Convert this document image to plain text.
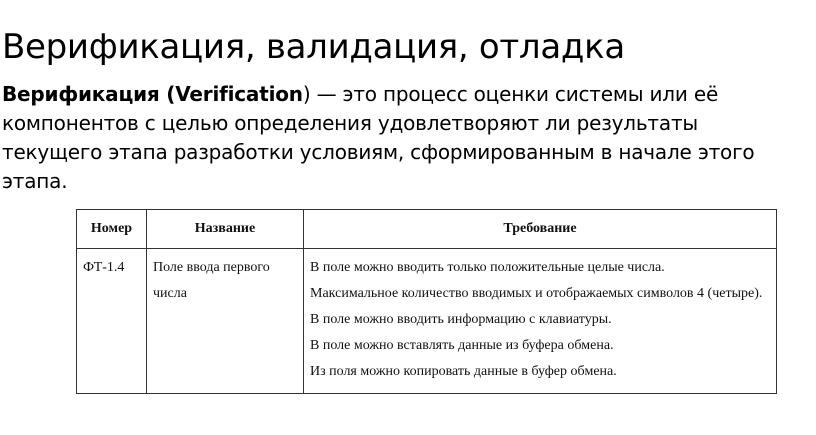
Верификация, валидация, отладка

Верификация (Verification) — это процесс оценки системы или её компонентов с целью определения удовлетворяют ли результаты текущего этапа разработки условиям, сформированным в начале этого этапа.

Номер	Название	Требование
ФТ-1.4	Поле ввода первого числа	В поле можно вводить только положительные целые числа.
Максимальное количество вводимых и отображаемых символов 4 (четыре).
В поле можно вводить информацию с клавиатуры.
В поле можно вставлять данные из буфера обмена.
Из поля можно копировать данные в буфер обмена.
